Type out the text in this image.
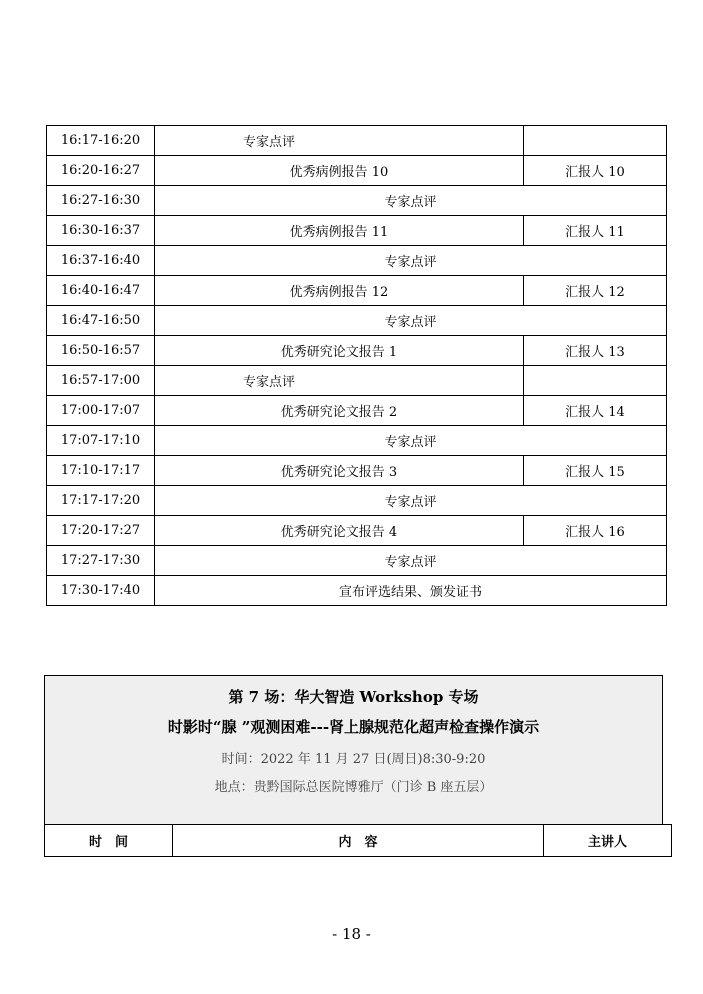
16:17-16:20	专家点评	
16:20-16:27	优秀病例报告 10	汇报人 10
16:27-16:30	专家点评	
16:30-16:37	优秀病例报告 11	汇报人 11
16:37-16:40	专家点评	
16:40-16:47	优秀病例报告 12	汇报人 12
16:47-16:50	专家点评	
16:50-16:57	优秀研究论文报告 1	汇报人 13
16:57-17:00	专家点评	
17:00-17:07	优秀研究论文报告 2	汇报人 14
17:07-17:10	专家点评	
17:10-17:17	优秀研究论文报告 3	汇报人 15
17:17-17:20	专家点评	
17:20-17:27	优秀研究论文报告 4	汇报人 16
17:27-17:30	专家点评	
17:30-17:40	宣布评选结果、颁发证书	
第 7 场：华大智造 Workshop 专场
时影时“腺 ”观测困难---肾上腺规范化超声检查操作演示
时间：2022 年 11 月 27 日(周日)8:30-9:20
地点：贵黔国际总医院博雅厅（门诊 B 座五层）
时　间	内　容	主讲人
- 18 -
